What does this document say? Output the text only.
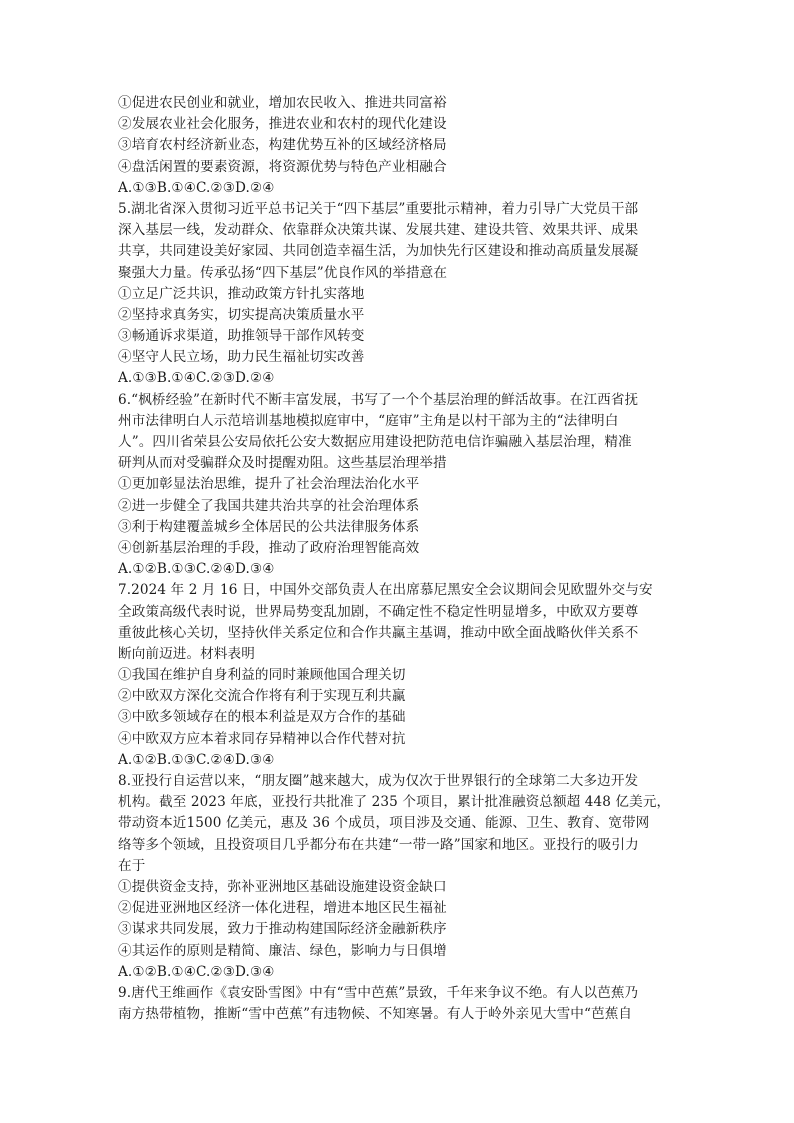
①促进农民创业和就业，增加农民收入、推进共同富裕
②发展农业社会化服务，推进农业和农村的现代化建设
③培育农村经济新业态，构建优势互补的区域经济格局
④盘活闲置的要素资源，将资源优势与特色产业相融合
A.①③B.①④C.②③D.②④
5.湖北省深入贯彻习近平总书记关于“四下基层”重要批示精神，着力引导广大党员干部
深入基层一线，发动群众、依靠群众决策共谋、发展共建、建设共管、效果共评、成果
共享，共同建设美好家园、共同创造幸福生活，为加快先行区建设和推动高质量发展凝
聚强大力量。传承弘扬“四下基层”优良作风的举措意在
①立足广泛共识，推动政策方针扎实落地
②坚持求真务实，切实提高决策质量水平
③畅通诉求渠道，助推领导干部作风转变
④坚守人民立场，助力民生福祉切实改善
A.①③B.①④C.②③D.②④
6.“枫桥经验”在新时代不断丰富发展，书写了一个个基层治理的鲜活故事。在江西省抚
州市法律明白人示范培训基地模拟庭审中，“庭审”主角是以村干部为主的“法律明白
人”。四川省荣县公安局依托公安大数据应用建设把防范电信诈骗融入基层治理，精准
研判从而对受骗群众及时提醒劝阻。这些基层治理举措
①更加彰显法治思维，提升了社会治理法治化水平
②进一步健全了我国共建共治共享的社会治理体系
③利于构建覆盖城乡全体居民的公共法律服务体系
④创新基层治理的手段，推动了政府治理智能高效
A.①②B.①③C.②④D.③④
7.2024 年 2 月 16 日，中国外交部负责人在出席慕尼黑安全会议期间会见欧盟外交与安
全政策高级代表时说，世界局势变乱加剧，不确定性不稳定性明显增多，中欧双方要尊
重彼此核心关切，坚持伙伴关系定位和合作共赢主基调，推动中欧全面战略伙伴关系不
断向前迈进。材料表明
①我国在维护自身利益的同时兼顾他国合理关切
②中欧双方深化交流合作将有利于实现互利共赢
③中欧多领域存在的根本利益是双方合作的基础
④中欧双方应本着求同存异精神以合作代替对抗
A.①②B.①③C.②④D.③④
8.亚投行自运营以来，“朋友圈”越来越大，成为仅次于世界银行的全球第二大多边开发
机构。截至 2023 年底，亚投行共批准了 235 个项目，累计批准融资总额超 448 亿美元，
带动资本近1500 亿美元，惠及 36 个成员，项目涉及交通、能源、卫生、教育、宽带网
络等多个领域，且投资项目几乎都分布在共建“一带一路”国家和地区。亚投行的吸引力
在于
①提供资金支持，弥补亚洲地区基础设施建设资金缺口
②促进亚洲地区经济一体化进程，增进本地区民生福祉
③谋求共同发展，致力于推动构建国际经济金融新秩序
④其运作的原则是精简、廉洁、绿色，影响力与日俱增
A.①②B.①④C.②③D.③④
9.唐代王维画作《袁安卧雪图》中有“雪中芭蕉”景致，千年来争议不绝。有人以芭蕉乃
南方热带植物，推断“雪中芭蕉”有违物候、不知寒暑。有人于岭外亲见大雪中“芭蕉自
